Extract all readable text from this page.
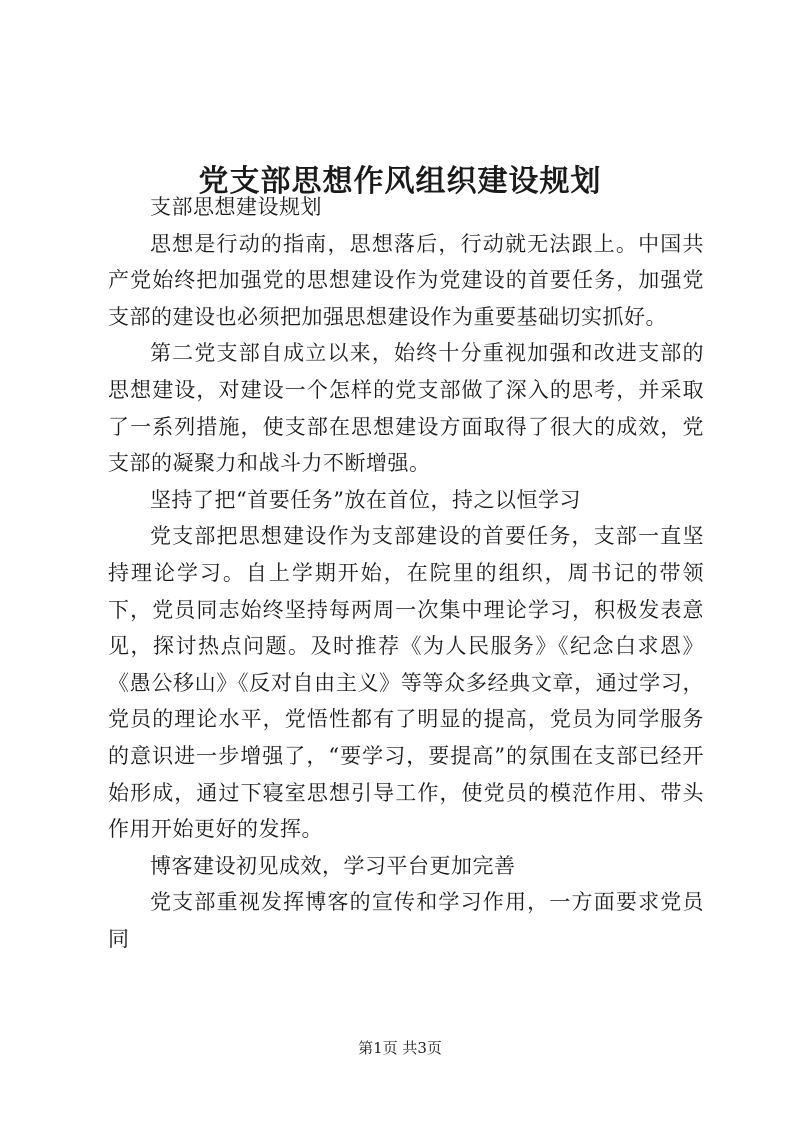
党支部思想作风组织建设规划

支部思想建设规划

思想是行动的指南，思想落后，行动就无法跟上。中国共产党始终把加强党的思想建设作为党建设的首要任务，加强党支部的建设也必须把加强思想建设作为重要基础切实抓好。

第二党支部自成立以来，始终十分重视加强和改进支部的思想建设，对建设一个怎样的党支部做了深入的思考，并采取了一系列措施，使支部在思想建设方面取得了很大的成效，党支部的凝聚力和战斗力不断增强。

坚持了把“首要任务”放在首位，持之以恒学习

党支部把思想建设作为支部建设的首要任务，支部一直坚持理论学习。自上学期开始，在院里的组织，周书记的带领下，党员同志始终坚持每两周一次集中理论学习，积极发表意见，探讨热点问题。及时推荐《为人民服务》《纪念白求恩》《愚公移山》《反对自由主义》等等众多经典文章，通过学习，党员的理论水平，党悟性都有了明显的提高，党员为同学服务的意识进一步增强了，“要学习，要提高”的氛围在支部已经开始形成，通过下寝室思想引导工作，使党员的模范作用、带头作用开始更好的发挥。

博客建设初见成效，学习平台更加完善

党支部重视发挥博客的宣传和学习作用，一方面要求党员同

第1页 共3页
